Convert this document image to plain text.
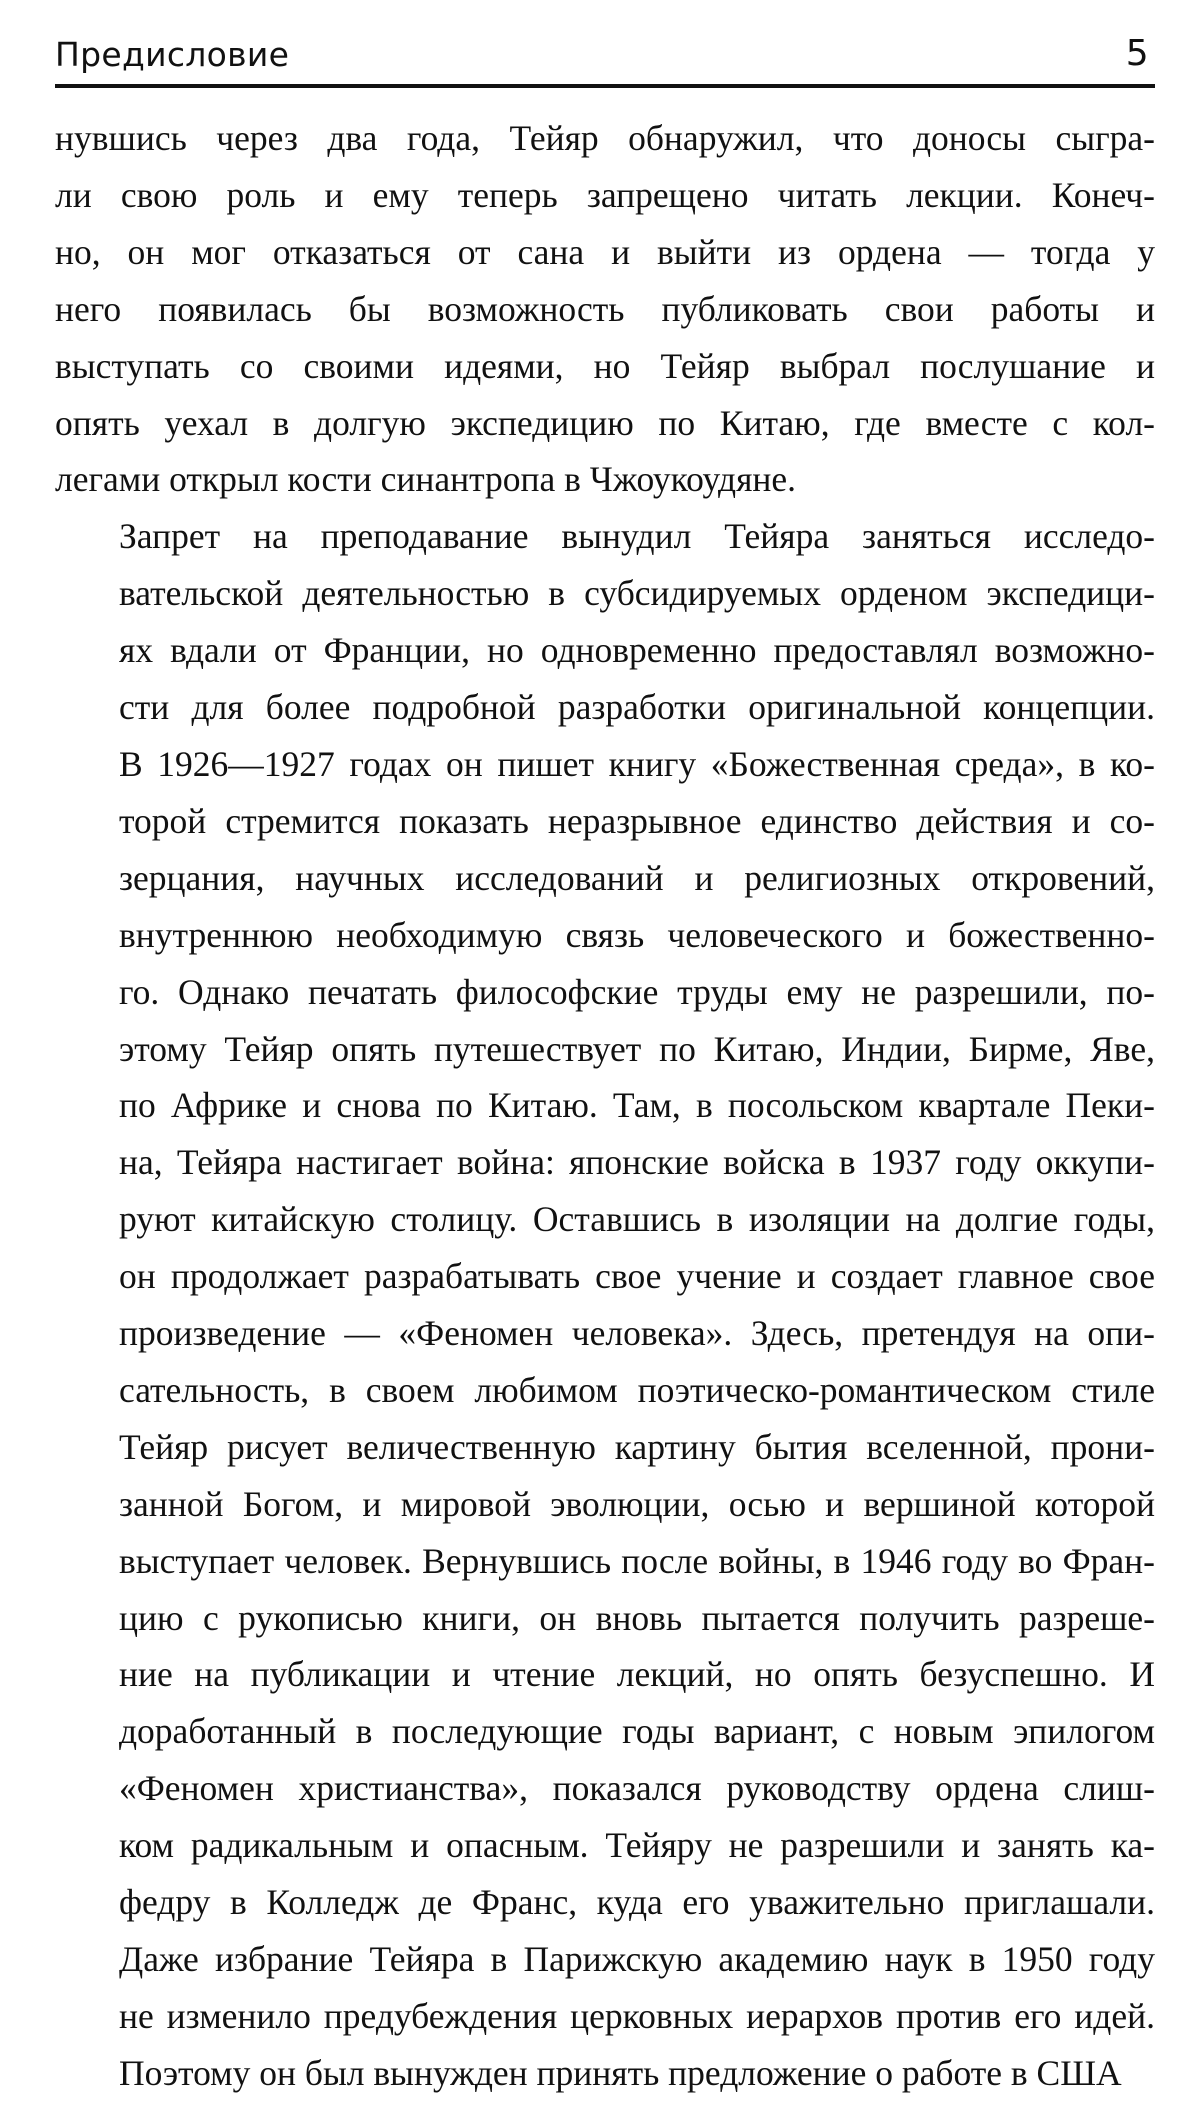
Предисловие	5

нувшись через два года, Тейяр обнаружил, что доносы сыгра-
ли свою роль и ему теперь запрещено читать лекции. Конеч-
но, он мог отказаться от сана и выйти из ордена — тогда у
него появилась бы возможность публиковать свои работы и
выступать со своими идеями, но Тейяр выбрал послушание и
опять уехал в долгую экспедицию по Китаю, где вместе с кол-
легами открыл кости синантропа в Чжоукоудяне.

Запрет на преподавание вынудил Тейяра заняться исследо-
вательской деятельностью в субсидируемых орденом экспедици-
ях вдали от Франции, но одновременно предоставлял возможно-
сти для более подробной разработки оригинальной концепции.
В 1926—1927 годах он пишет книгу «Божественная среда», в ко-
торой стремится показать неразрывное единство действия и со-
зерцания, научных исследований и религиозных откровений,
внутреннюю необходимую связь человеческого и божественно-
го. Однако печатать философские труды ему не разрешили, по-
этому Тейяр опять путешествует по Китаю, Индии, Бирме, Яве,
по Африке и снова по Китаю. Там, в посольском квартале Пеки-
на, Тейяра настигает война: японские войска в 1937 году оккупи-
руют китайскую столицу. Оставшись в изоляции на долгие годы,
он продолжает разрабатывать свое учение и создает главное свое
произведение — «Феномен человека». Здесь, претендуя на опи-
сательность, в своем любимом поэтическо-романтическом стиле
Тейяр рисует величественную картину бытия вселенной, прони-
занной Богом, и мировой эволюции, осью и вершиной которой
выступает человек. Вернувшись после войны, в 1946 году во Фран-
цию с рукописью книги, он вновь пытается получить разреше-
ние на публикации и чтение лекций, но опять безуспешно. И
доработанный в последующие годы вариант, с новым эпилогом
«Феномен христианства», показался руководству ордена слиш-
ком радикальным и опасным. Тейяру не разрешили и занять ка-
федру в Колледж де Франс, куда его уважительно приглашали.
Даже избрание Тейяра в Парижскую академию наук в 1950 году
не изменило предубеждения церковных иерархов против его идей.
Поэтому он был вынужден принять предложение о работе в США
